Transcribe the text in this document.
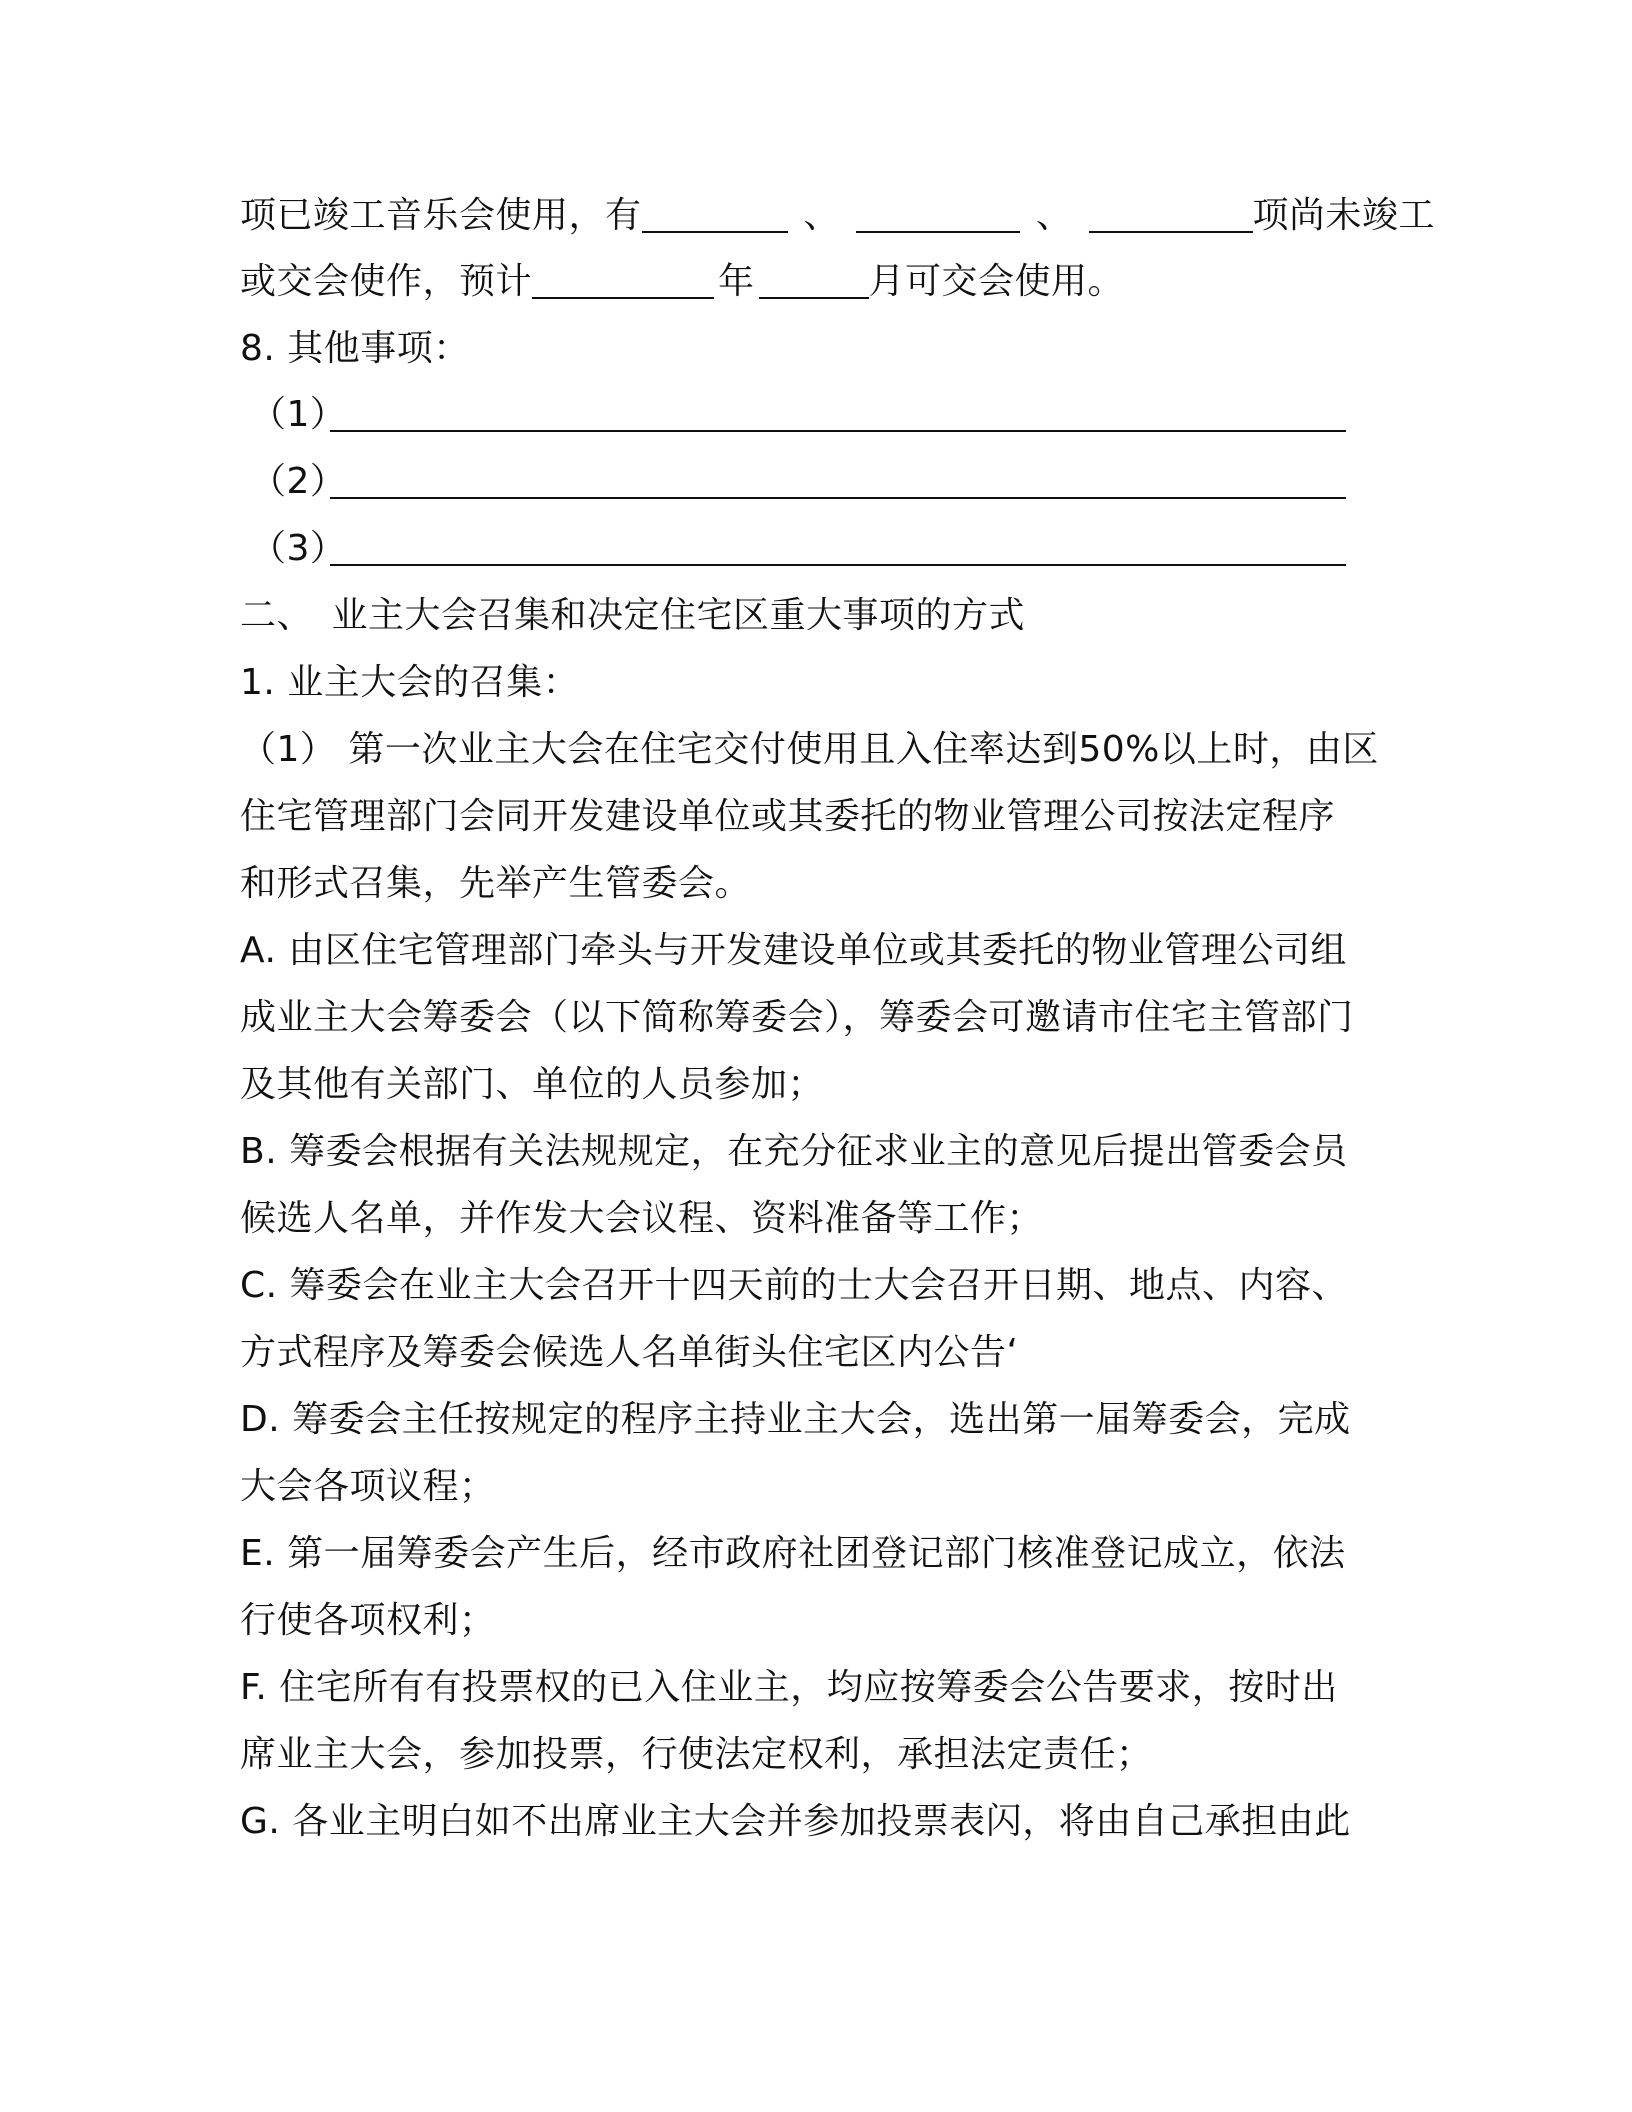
项已竣工音乐会使用，有	、	、	项尚未竣工
或交会使作，预计	年	月可交会使用。
8. 其他事项：
（1）
（2）
（3）
二、　业主大会召集和决定住宅区重大事项的方式
1. 业主大会的召集：
（1） 第一次业主大会在住宅交付使用且入住率达到50%以上时，由区
住宅管理部门会同开发建设单位或其委托的物业管理公司按法定程序
和形式召集，先举产生管委会。
A. 由区住宅管理部门牵头与开发建设单位或其委托的物业管理公司组
成业主大会筹委会（以下简称筹委会），筹委会可邀请市住宅主管部门
及其他有关部门、单位的人员参加；
B. 筹委会根据有关法规规定，在充分征求业主的意见后提出管委会员
候选人名单，并作发大会议程、资料准备等工作；
C. 筹委会在业主大会召开十四天前的士大会召开日期、地点、内容、
方式程序及筹委会候选人名单街头住宅区内公告‘
D. 筹委会主任按规定的程序主持业主大会，选出第一届筹委会，完成
大会各项议程；
E. 第一届筹委会产生后，经市政府社团登记部门核准登记成立，依法
行使各项权利；
F. 住宅所有有投票权的已入住业主，均应按筹委会公告要求，按时出
席业主大会，参加投票，行使法定权利，承担法定责任；
G. 各业主明白如不出席业主大会并参加投票表闪，将由自己承担由此
